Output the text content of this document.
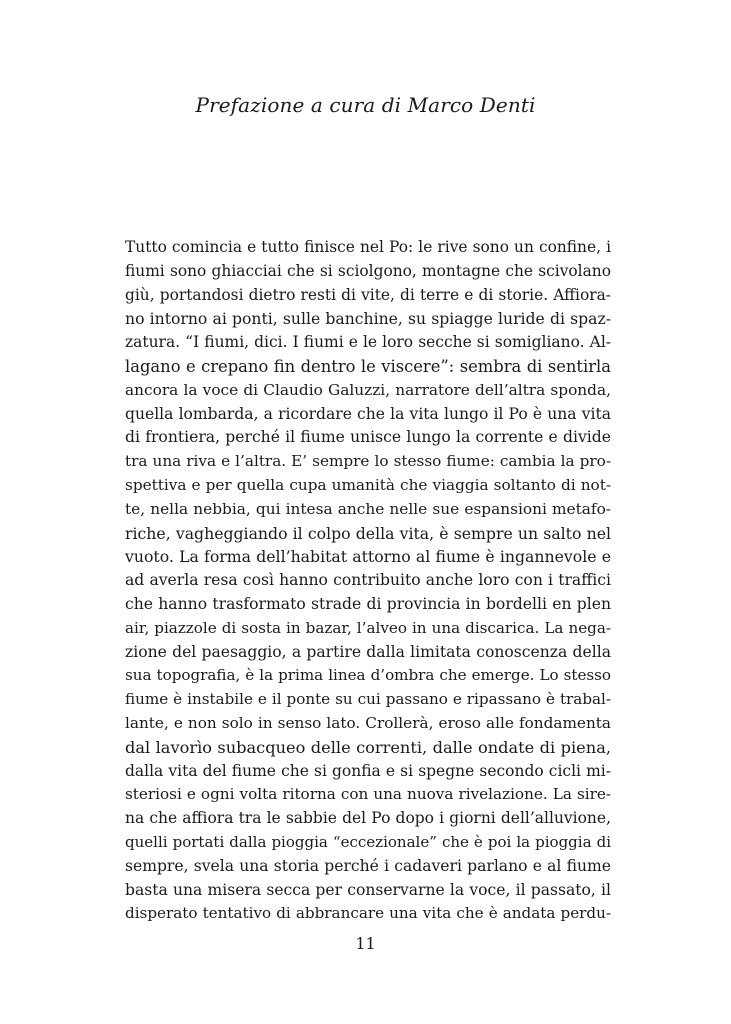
Prefazione a cura di Marco Denti
Tutto comincia e tutto finisce nel Po: le rive sono un confine, i
fiumi sono ghiacciai che si sciolgono, montagne che scivolano
giù, portandosi dietro resti di vite, di terre e di storie. Affiora-
no intorno ai ponti, sulle banchine, su spiagge luride di spaz-
zatura. “I fiumi, dici. I fiumi e le loro secche si somigliano. Al-
lagano e crepano fin dentro le viscere”: sembra di sentirla
ancora la voce di Claudio Galuzzi, narratore dell’altra sponda,
quella lombarda, a ricordare che la vita lungo il Po è una vita
di frontiera, perché il fiume unisce lungo la corrente e divide
tra una riva e l’altra. E’ sempre lo stesso fiume: cambia la pro-
spettiva e per quella cupa umanità che viaggia soltanto di not-
te, nella nebbia, qui intesa anche nelle sue espansioni metafo-
riche, vagheggiando il colpo della vita, è sempre un salto nel
vuoto. La forma dell’habitat attorno al fiume è ingannevole e
ad averla resa così hanno contribuito anche loro con i traffici
che hanno trasformato strade di provincia in bordelli en plen
air, piazzole di sosta in bazar, l’alveo in una discarica. La nega-
zione del paesaggio, a partire dalla limitata conoscenza della
sua topografia, è la prima linea d’ombra che emerge. Lo stesso
fiume è instabile e il ponte su cui passano e ripassano è trabal-
lante, e non solo in senso lato. Crollerà, eroso alle fondamenta
dal lavorìo subacqueo delle correnti, dalle ondate di piena,
dalla vita del fiume che si gonfia e si spegne secondo cicli mi-
steriosi e ogni volta ritorna con una nuova rivelazione. La sire-
na che affiora tra le sabbie del Po dopo i giorni dell’alluvione,
quelli portati dalla pioggia “eccezionale” che è poi la pioggia di
sempre, svela una storia perché i cadaveri parlano e al fiume
basta una misera secca per conservarne la voce, il passato, il
disperato tentativo di abbrancare una vita che è andata perdu-
11
